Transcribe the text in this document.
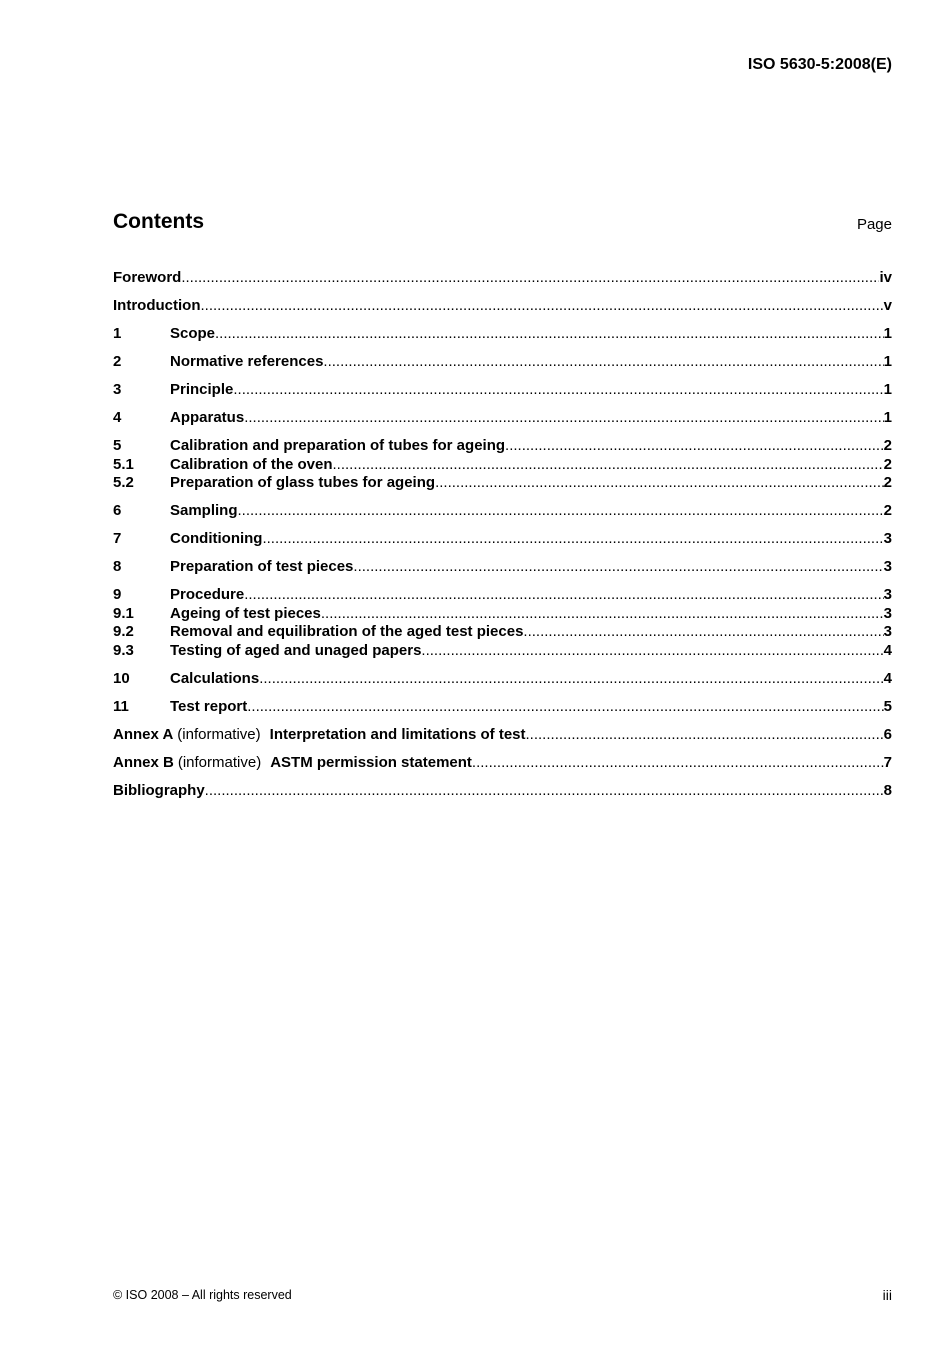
ISO 5630-5:2008(E)
Contents	Page
Foreword .....	iv
Introduction .....	v
1	Scope .....	1
2	Normative references .....	1
3	Principle .....	1
4	Apparatus .....	1
5	Calibration and preparation of tubes for ageing .....	2
5.1	Calibration of the oven .....	2
5.2	Preparation of glass tubes for ageing .....	2
6	Sampling .....	2
7	Conditioning .....	3
8	Preparation of test pieces .....	3
9	Procedure .....	3
9.1	Ageing of test pieces .....	3
9.2	Removal and equilibration of the aged test pieces .....	3
9.3	Testing of aged and unaged papers .....	4
10	Calculations .....	4
11	Test report .....	5
Annex A (informative) Interpretation and limitations of test .....	6
Annex B (informative) ASTM permission statement .....	7
Bibliography .....	8
© ISO 2008 – All rights reserved	iii
